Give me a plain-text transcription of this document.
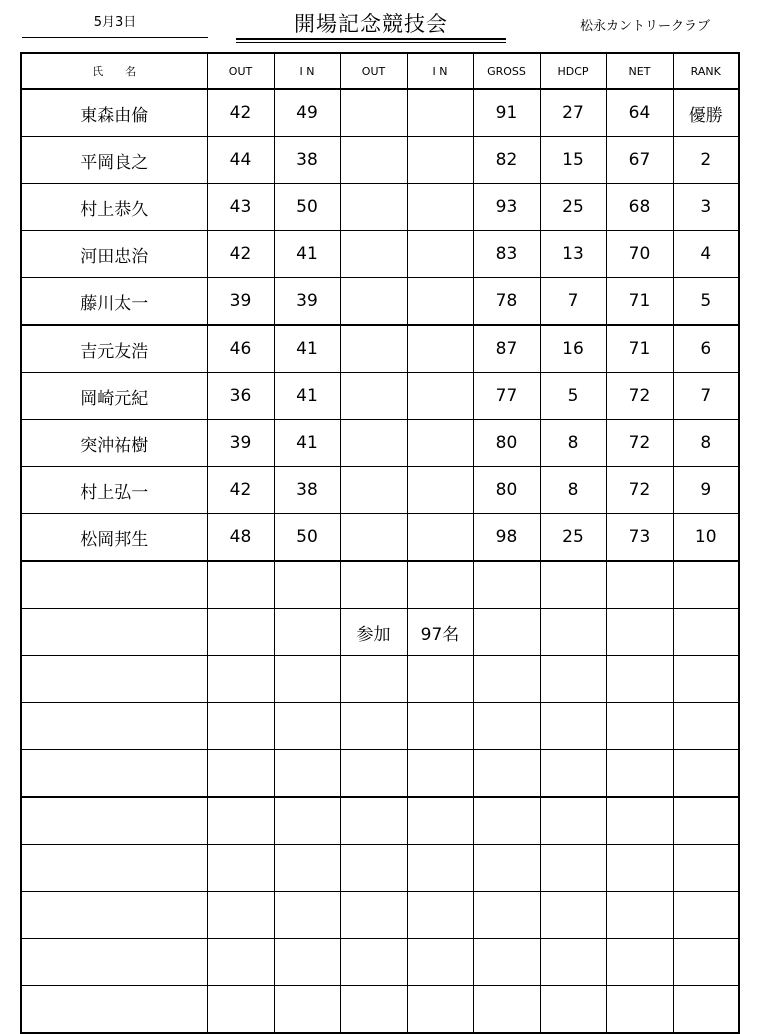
5月3日	開場記念競技会	松永カントリークラブ
氏　　名	OUT	I N	OUT	I N	GROSS	HDCP	NET	RANK
東森由倫	42	49			91	27	64	優勝
平岡良之	44	38			82	15	67	2
村上恭久	43	50			93	25	68	3
河田忠治	42	41			83	13	70	4
藤川太一	39	39			78	7	71	5
吉元友浩	46	41			87	16	71	6
岡崎元紀	36	41			77	5	72	7
突沖祐樹	39	41			80	8	72	8
村上弘一	42	38			80	8	72	9
松岡邦生	48	50			98	25	73	10

			参加	97名				
